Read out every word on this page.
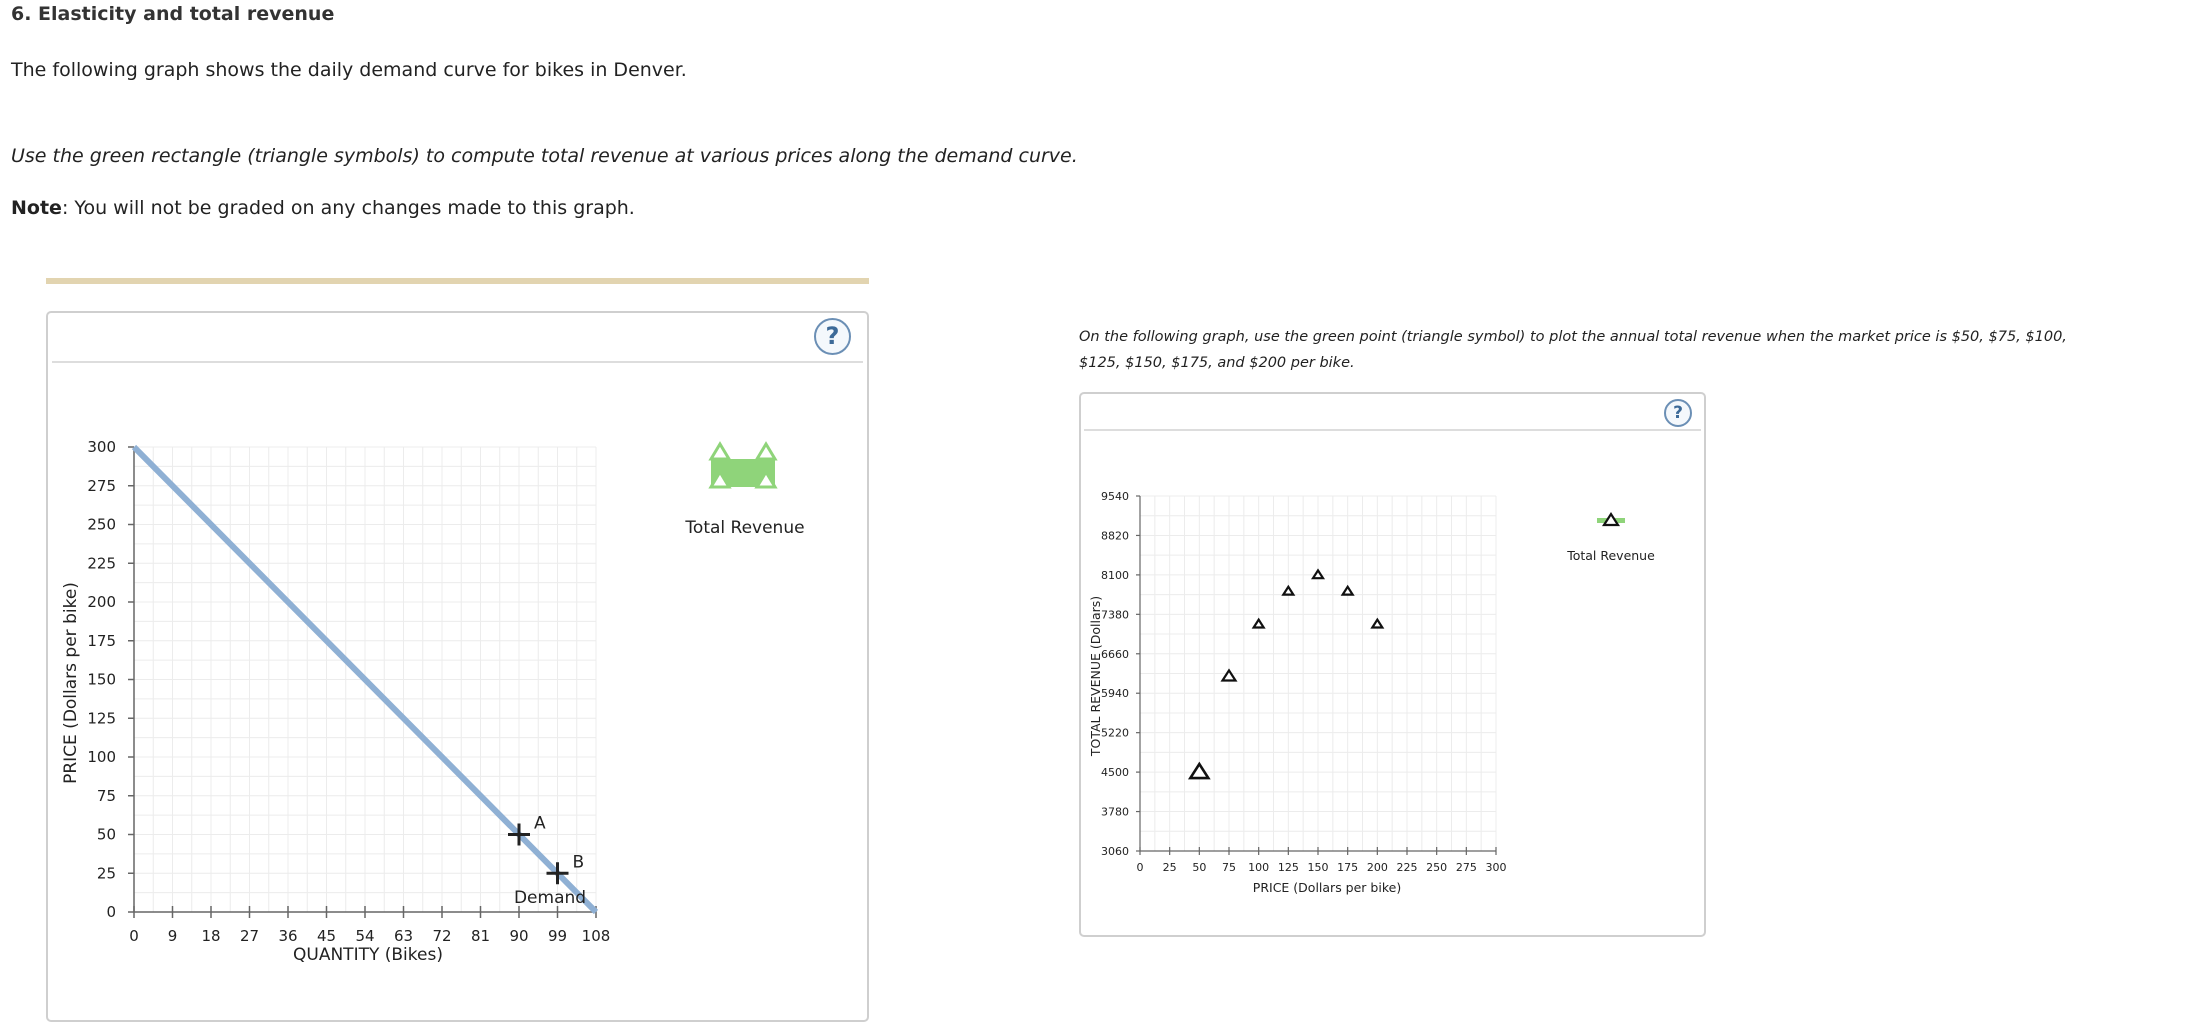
6. Elasticity and total revenue
The following graph shows the daily demand curve for bikes in Denver.
Use the green rectangle (triangle symbols) to compute total revenue at various prices along the demand curve.
Note: You will not be graded on any changes made to this graph.
?
0 9 18 27 36 45 54 63 72 81 90 99 108
0
25
50
75
100
125
150
175
200
225
250
275
300
QUANTITY (Bikes)
PRICE (Dollars per bike)
Demand
A
B
Total Revenue
On the following graph, use the green point (triangle symbol) to plot the annual total revenue when the market price is $50, $75, $100, $125, $150, $175, and $200 per bike.
?
0 25 50 75 100 125 150 175 200 225 250 275 300
3060
3780
4500
5220
5940
6660
7380
8100
8820
9540
PRICE (Dollars per bike)
TOTAL REVENUE (Dollars)
Total Revenue
